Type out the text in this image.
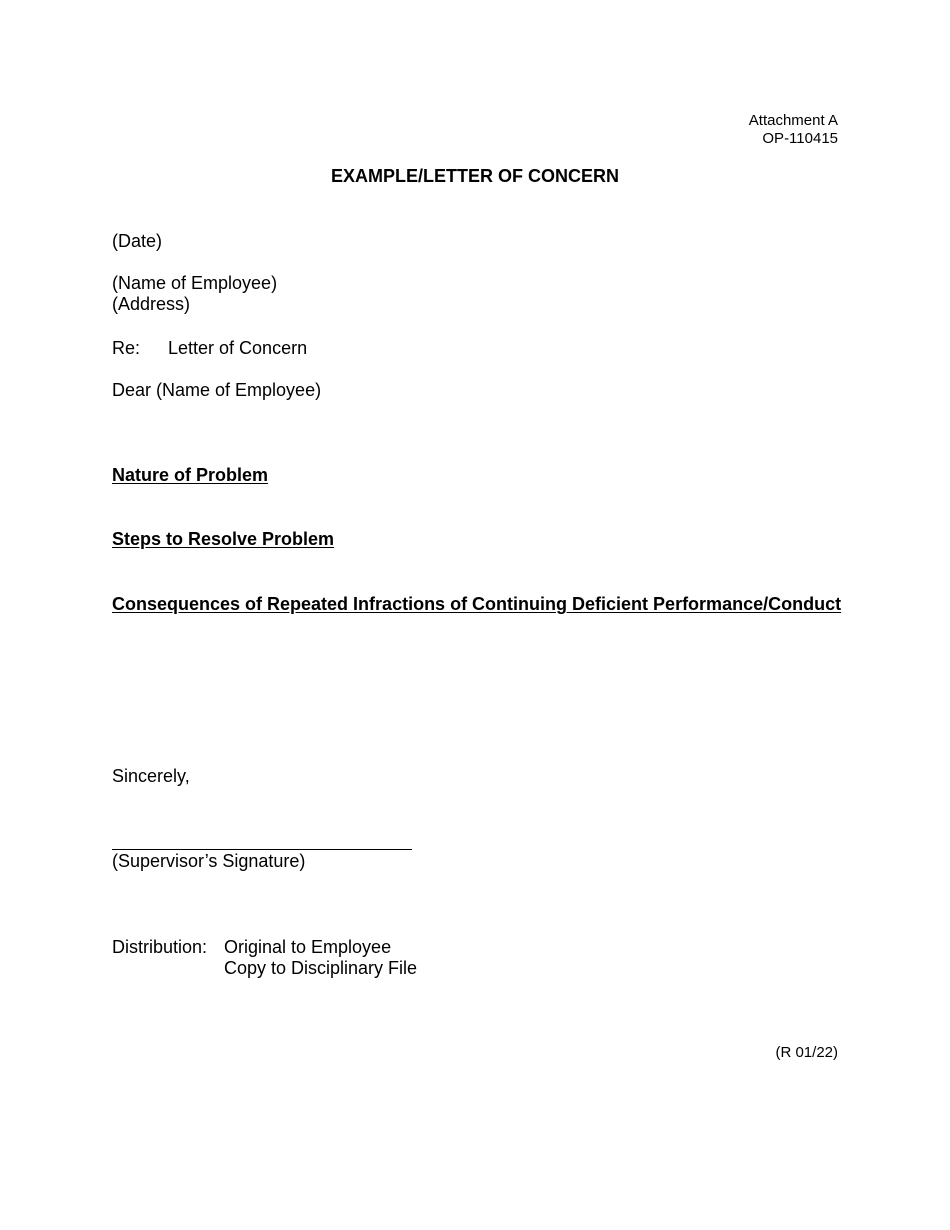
Attachment A
OP-110415
EXAMPLE/LETTER OF CONCERN
(Date)
(Name of Employee)
(Address)
Re: Letter of Concern
Dear (Name of Employee)
Nature of Problem
Steps to Resolve Problem
Consequences of Repeated Infractions of Continuing Deficient Performance/Conduct
Sincerely,
(Supervisor’s Signature)
Distribution: Original to Employee
Copy to Disciplinary File
(R 01/22)
